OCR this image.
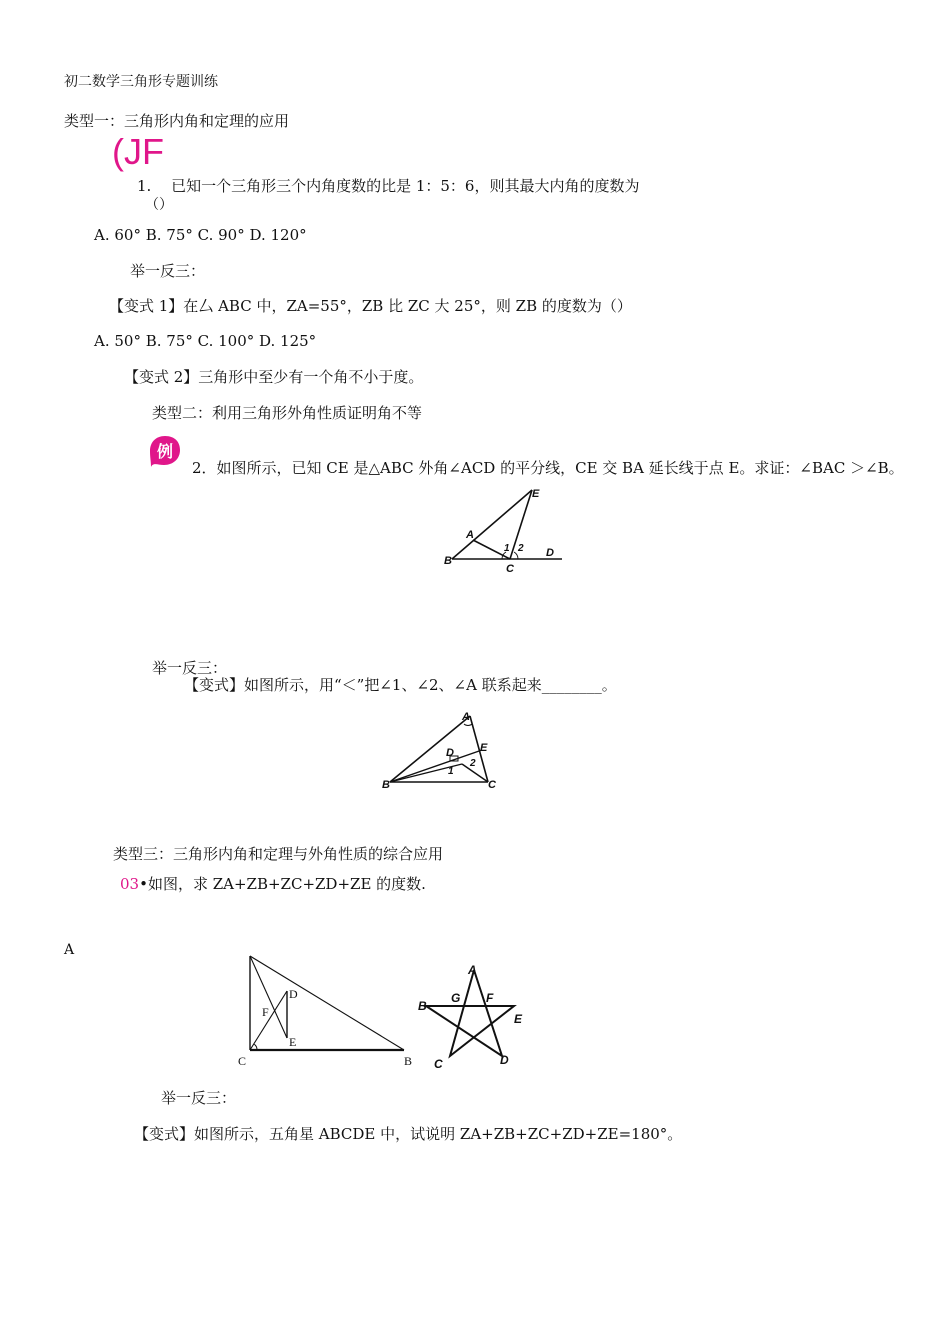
初二数学三角形专题训练
类型一：三角形内角和定理的应用
(JF
1.　 已知一个三角形三个内角度数的比是 1：5：6，则其最大内角的度数为
（）
A. 60° B. 75° C. 90° D. 120°
举一反三：
【变式 1】在厶 ABC 中，ZA=55°，ZB 比 ZC 大 25°，则 ZB 的度数为（）
A. 50° B. 75° C. 100° D. 125°
【变式 2】三角形中至少有一个角不小于度。
类型二：利用三角形外角性质证明角不等
例
2．如图所示，已知 CE 是△ABC 外角∠ACD 的平分线，CE 交 BA 延长线于点 E。求证：∠BAC ＞∠B。
A
B
C
1 2 D
E
举一反三：
【变式】如图所示，用“＜”把∠1、∠2、∠A 联系起来________。
A
B	C
D E
1
2
类型三：三角形内角和定理与外角性质的综合应用
03•如图，求 ZA+ZB+ZC+ZD+ZE 的度数.
A
D
F
E
C	B
A
B
G F
E
C	D
举一反三：
【变式】如图所示，五角星 ABCDE 中，试说明 ZA+ZB+ZC+ZD+ZE=180°。
